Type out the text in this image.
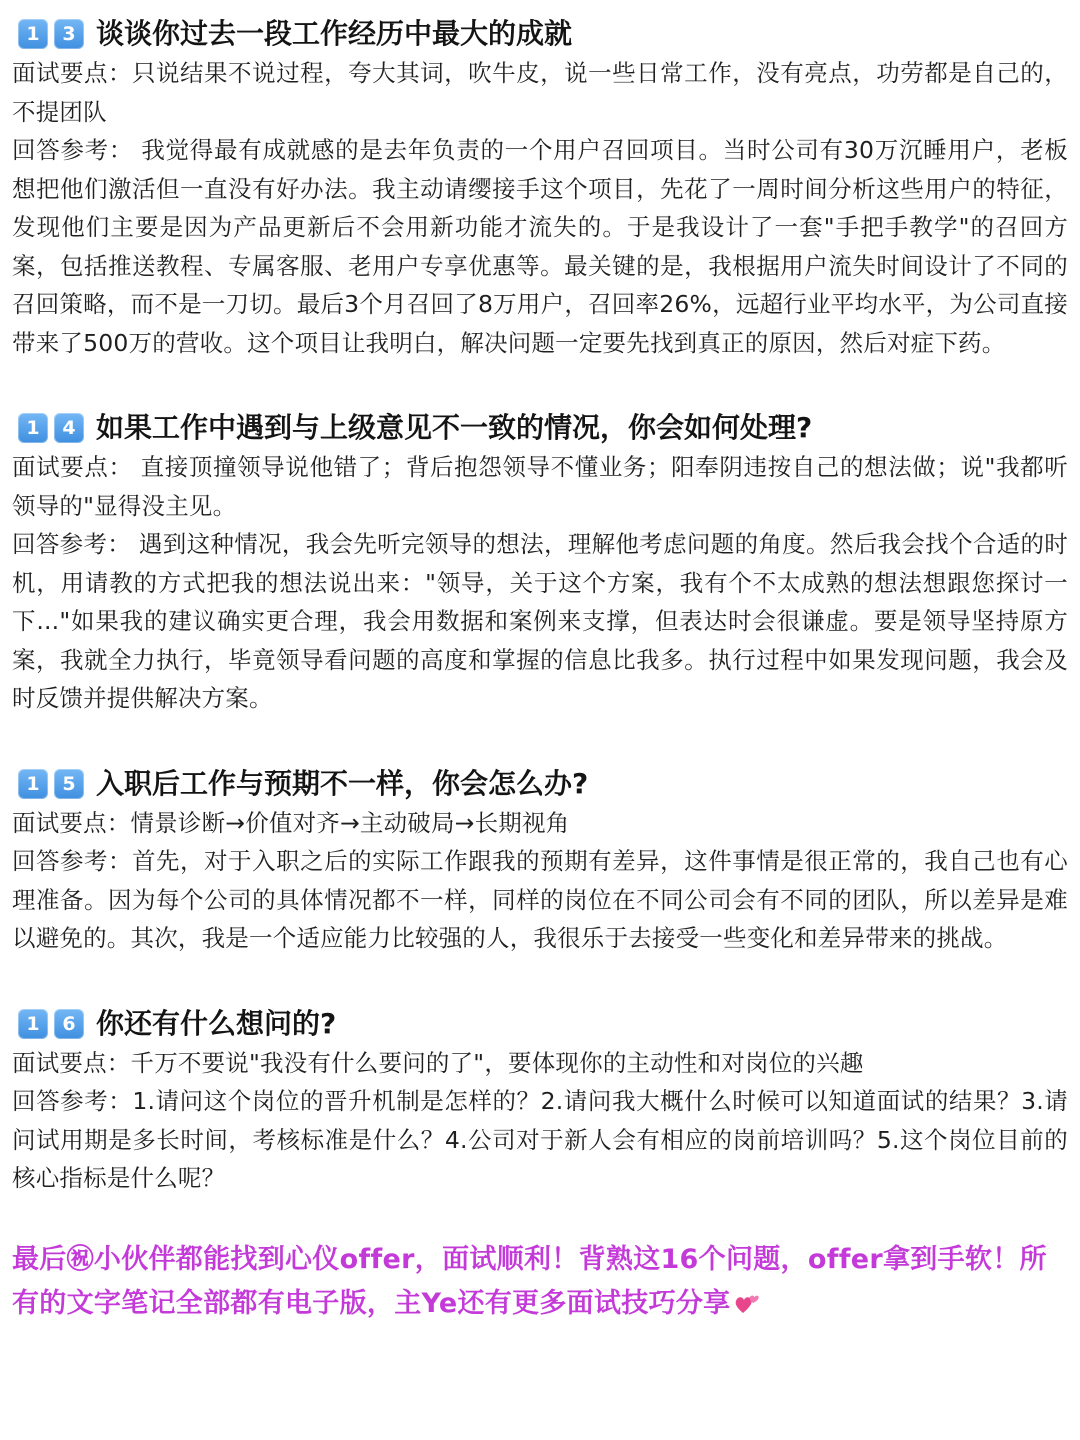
1	3 谈谈你过去一段工作经历中最大的成就

面试要点：只说结果不说过程，夸大其词，吹牛皮，说一些日常工作，没有亮点，功劳都是自己的，不提团队

回答参考： 我觉得最有成就感的是去年负责的一个用户召回项目。当时公司有30万沉睡用户，老板想把他们激活但一直没有好办法。我主动请缨接手这个项目，先花了一周时间分析这些用户的特征，发现他们主要是因为产品更新后不会用新功能才流失的。于是我设计了一套"手把手教学"的召回方案，包括推送教程、专属客服、老用户专享优惠等。最关键的是，我根据用户流失时间设计了不同的召回策略，而不是一刀切。最后3个月召回了8万用户，召回率26%，远超行业平均水平，为公司直接带来了500万的营收。这个项目让我明白，解决问题一定要先找到真正的原因，然后对症下药。

1	4 如果工作中遇到与上级意见不一致的情况，你会如何处理?

面试要点： 直接顶撞领导说他错了；背后抱怨领导不懂业务；阳奉阴违按自己的想法做；说"我都听领导的"显得没主见。

回答参考： 遇到这种情况，我会先听完领导的想法，理解他考虑问题的角度。然后我会找个合适的时机，用请教的方式把我的想法说出来："领导，关于这个方案，我有个不太成熟的想法想跟您探讨一下..."如果我的建议确实更合理，我会用数据和案例来支撑，但表达时会很谦虚。要是领导坚持原方案，我就全力执行，毕竟领导看问题的高度和掌握的信息比我多。执行过程中如果发现问题，我会及时反馈并提供解决方案。

1	5 入职后工作与预期不一样，你会怎么办?

面试要点：情景诊断→价值对齐→主动破局→长期视角

回答参考：首先，对于入职之后的实际工作跟我的预期有差异，这件事情是很正常的，我自己也有心理准备。因为每个公司的具体情况都不一样，同样的岗位在不同公司会有不同的团队，所以差异是难以避免的。其次，我是一个适应能力比较强的人，我很乐于去接受一些变化和差异带来的挑战。

1	6 你还有什么想问的?

面试要点：千万不要说"我没有什么要问的了"，要体现你的主动性和对岗位的兴趣

回答参考：1.请问这个岗位的晋升机制是怎样的？2.请问我大概什么时候可以知道面试的结果？3.请问试用期是多长时间，考核标准是什么？4.公司对于新人会有相应的岗前培训吗？5.这个岗位目前的核心指标是什么呢？

最后㊗小伙伴都能找到心仪offer，面试顺利！背熟这16个问题，offer拿到手软！所有的文字笔记全部都有电子版，主Ye还有更多面试技巧分享
